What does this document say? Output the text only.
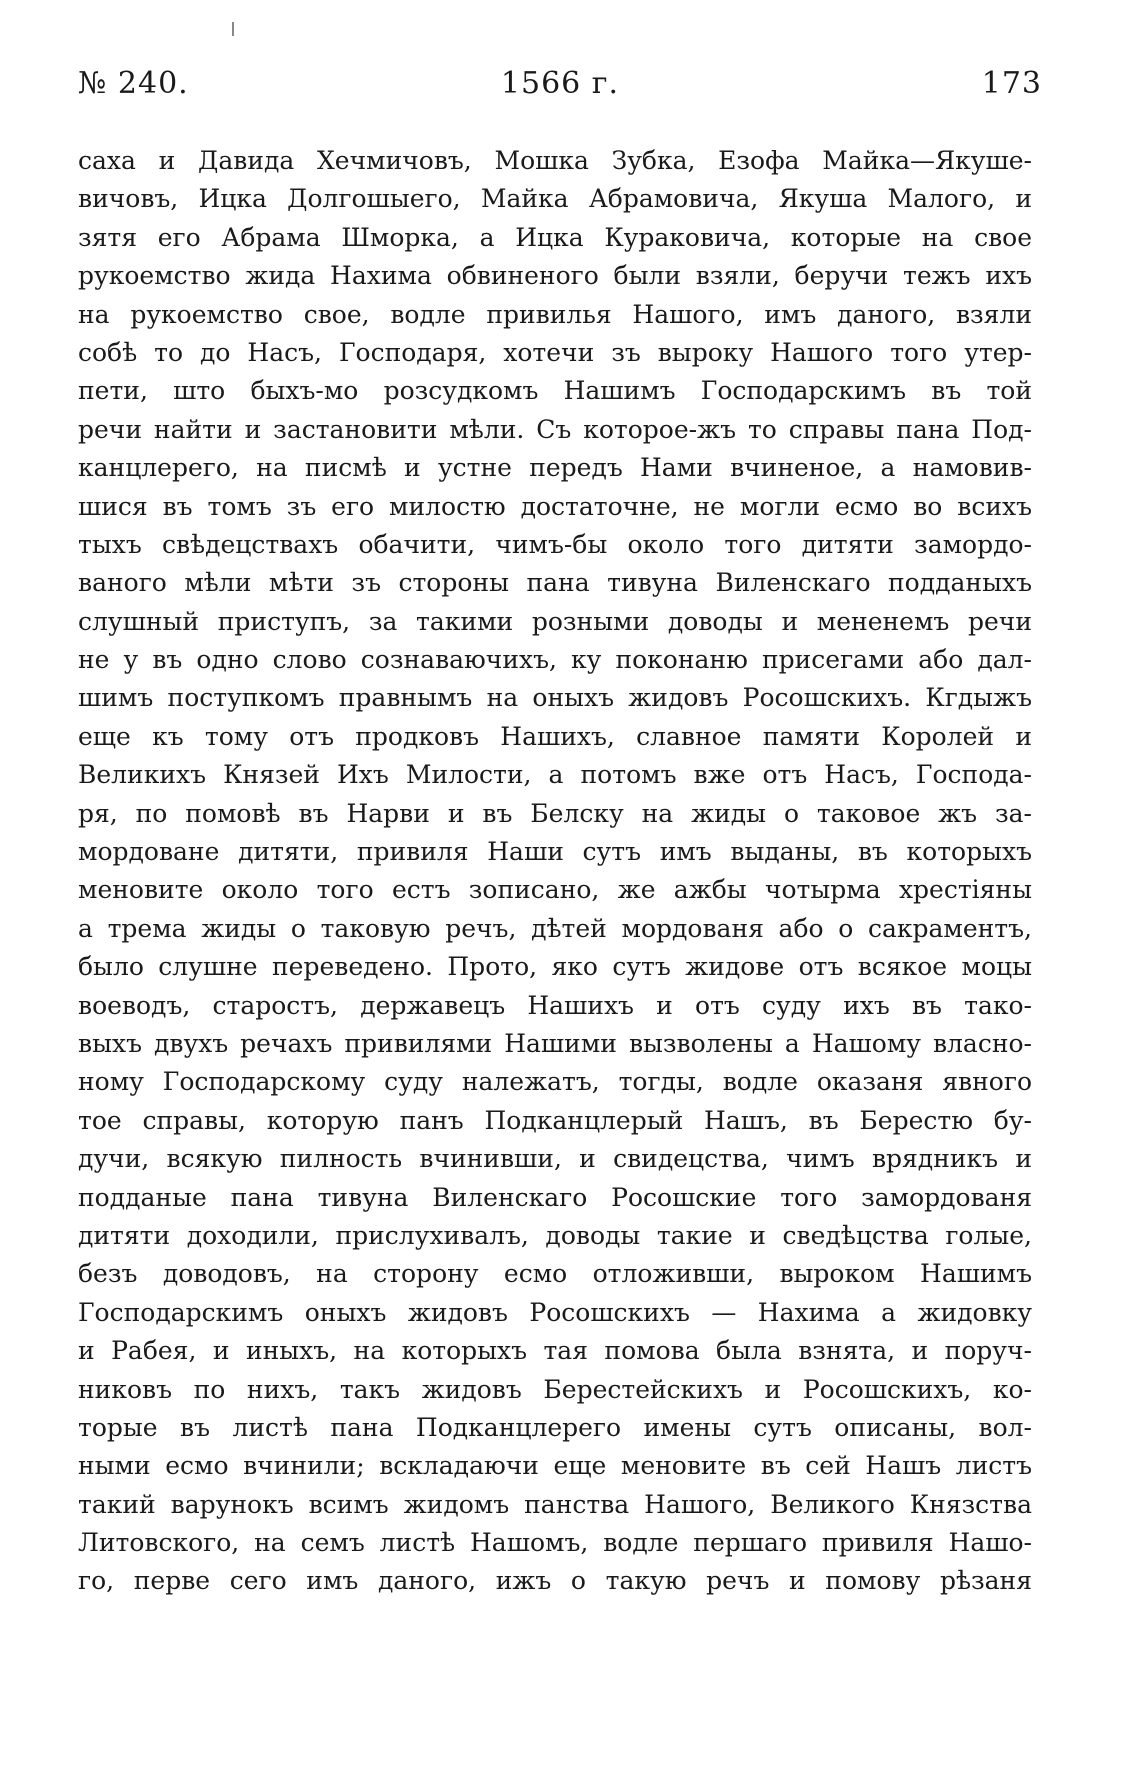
№ 240.	1566 г.	173
саха и Давида Хечмичовъ, Мошка Зубка, Езофа Майка—Якуше-
вичовъ, Ицка Долгошыего, Майка Абрамовича, Якуша Малого, и
зятя его Абрама Шморка, а Ицка Кураковича, которые на свое
рукоемство жида Нахима обвиненого были взяли, беручи тежъ ихъ
на рукоемство свое, водле привилья Нашого, имъ даного, взяли
собѣ то до Насъ, Господаря, хотечи зъ выроку Нашого того утер-
пети, што быхъ-мо розсудкомъ Нашимъ Господарскимъ въ той
речи найти и застановити мѣли. Съ которое-жъ то справы пана Под-
канцлерего, на писмѣ и устне передъ Нами вчиненое, а намовив-
шися въ томъ зъ его милостю достаточне, не могли есмо во всихъ
тыхъ свѣдецствахъ обачити, чимъ-бы около того дитяти замордо-
ваного мѣли мѣти зъ стороны пана тивуна Виленскаго подданыхъ
слушный приступъ, за такими розными доводы и мененемъ речи
не у въ одно слово сознаваючихъ, ку поконаню присегами або дал-
шимъ поступкомъ правнымъ на оныхъ жидовъ Росошскихъ. Кгдыжъ
еще къ тому отъ продковъ Нашихъ, славное памяти Королей и
Великихъ Князей Ихъ Милости, а потомъ вже отъ Насъ, Господа-
ря, по помовѣ въ Нарви и въ Белску на жиды о таковое жъ за-
мордоване дитяти, привиля Наши сутъ имъ выданы, въ которыхъ
меновите около того естъ зописано, же ажбы чотырма хрестіяны
а трема жиды о таковую речъ, дѣтей мордованя або о сакраментъ,
было слушне переведено. Прото, яко сутъ жидове отъ всякое моцы
воеводъ, старостъ, державецъ Нашихъ и отъ суду ихъ въ тако-
выхъ двухъ речахъ привилями Нашими вызволены а Нашому власно-
ному Господарскому суду належатъ, тогды, водле оказаня явного
тое справы, которую панъ Подканцлерый Нашъ, въ Берестю бу-
дучи, всякую пилность вчинивши, и свидецства, чимъ врядникъ и
подданые пана тивуна Виленскаго Росошские того замордованя
дитяти доходили, прислухивалъ, доводы такие и сведѣцства голые,
безъ доводовъ, на сторону есмо отложивши, выроком Нашимъ
Господарскимъ оныхъ жидовъ Росошскихъ — Нахима а жидовку
и Рабея, и иныхъ, на которыхъ тая помова была взнята, и поруч-
никовъ по нихъ, такъ жидовъ Берестейскихъ и Росошскихъ, ко-
торые въ листѣ пана Подканцлерего имены сутъ описаны, вол-
ными есмо вчинили; всклад​аючи еще меновите въ сей Нашъ листъ
такий варунокъ всимъ жидомъ панства Нашого, Великого Князства
Литовского, на семъ листѣ Нашомъ, водле першаго привиля Нашо-
го, перве сего имъ даного, ижъ о такую речъ и помову рѣзаня
